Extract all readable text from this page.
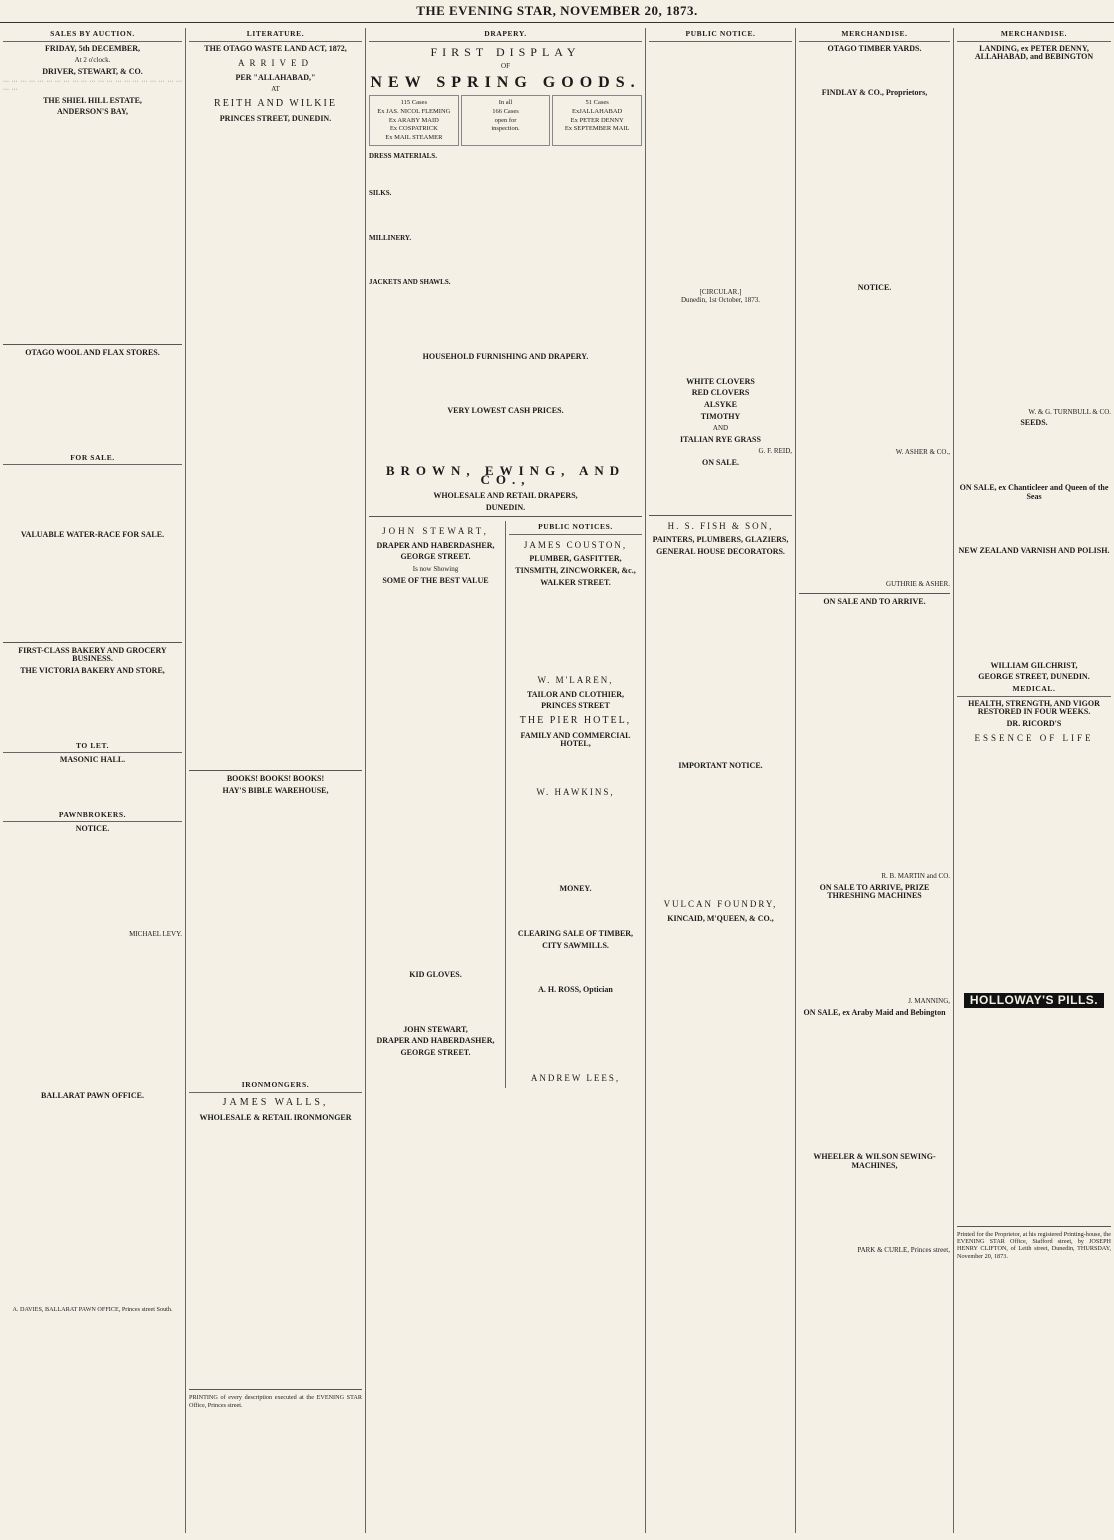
THE EVENING STAR, NOVEMBER 20, 1873.
SALES BY AUCTION.
FRIDAY, 5th DECEMBER,
At 2 o'clock.
DRIVER, STEWART, & CO.

··· ··· ··· ··· ··· ··· ··· ··· ··· ··· ··· ··· ··· ··· ··· ··· ··· ··· ··· ··· ··· ··· ···

THE SHIEL HILL ESTATE,
ANDERSON'S BAY,

OTAGO WOOL AND FLAX STORES.

FOR SALE.

VALUABLE WATER-RACE FOR SALE.

FIRST-CLASS BAKERY AND GROCERY BUSINESS.
THE VICTORIA BAKERY AND STORE,

TO LET.
MASONIC HALL.

PAWNBROKERS.
NOTICE.

MICHAEL LEVY.

BALLARAT PAWN OFFICE.

A. DAVIES, BALLARAT PAWN OFFICE, Princes street South.
LITERATURE.
THE OTAGO WASTE LAND ACT, 1872,
ARRIVED
PER "ALLAHABAD,"
AT
REITH AND WILKIE
PRINCES STREET, DUNEDIN.

BOOKS! BOOKS! BOOKS!
HAY'S BIBLE WAREHOUSE,

IRONMONGERS.
JAMES WALLS,
WHOLESALE & RETAIL IRONMONGER

PRINTING of every description executed at the EVENING STAR Office, Princes street.

DRAPERY.
FIRST DISPLAY
OF
NEW SPRING GOODS.
115 Cases
Ex JAS. NICOL FLEMING
Ex ARABY MAID
Ex COSPATRICK
Ex MAIL STEAMER
In all
166 Cases
open for
inspection.
51 Cases
ExJALLAHABAD
Ex PETER DENNY
Ex SEPTEMBER MAIL

DRESS MATERIALS.

SILKS.

MILLINERY.

JACKETS AND SHAWLS.

HOUSEHOLD FURNISHING AND DRAPERY.

VERY LOWEST CASH PRICES.

BROWN, EWING, AND CO.,
WHOLESALE AND RETAIL DRAPERS,
DUNEDIN.
JOHN STEWART,
DRAPER AND HABERDASHER,
GEORGE STREET.
Is now Showing
SOME OF THE BEST VALUE

KID GLOVES.

JOHN STEWART,
DRAPER AND HABERDASHER,
GEORGE STREET.
PUBLIC NOTICES.
JAMES COUSTON,
PLUMBER, GASFITTER,
TINSMITH, ZINCWORKER, &c.,
WALKER STREET.

W. M'LAREN,
TAILOR AND CLOTHIER,
PRINCES STREET
THE PIER HOTEL,
FAMILY AND COMMERCIAL HOTEL,

W. HAWKINS,

MONEY.

CLEARING SALE OF TIMBER,
CITY SAWMILLS.

A. H. ROSS, Optician

ANDREW LEES,
PUBLIC NOTICE.

[CIRCULAR.]
Dunedin, 1st October, 1873.

WHITE CLOVERS
RED CLOVERS
ALSYKE
TIMOTHY
AND
ITALIAN RYE GRASS
G. F. REID,
ON SALE.

H. S. FISH & SON,
PAINTERS, PLUMBERS, GLAZIERS,
GENERAL HOUSE DECORATORS.

IMPORTANT NOTICE.

VULCAN FOUNDRY,
KINCAID, M'QUEEN, & CO.,

MERCHANDISE.
OTAGO TIMBER YARDS.

FINDLAY & CO., Proprietors,

NOTICE.

W. ASHER & CO.,

GUTHRIE & ASHER.
ON SALE AND TO ARRIVE.

R. B. MARTIN and CO.
ON SALE TO ARRIVE, PRIZE THRESHING MACHINES

J. MANNING,
ON SALE, ex Araby Maid and Bebington

WHEELER & WILSON SEWING-MACHINES,

PARK & CURLE, Princes street,
MERCHANDISE.
LANDING, ex PETER DENNY, ALLAHABAD, and BEBINGTON

W. & G. TURNBULL & CO.
SEEDS.

ON SALE, ex Chanticleer and Queen of the Seas

NEW ZEALAND VARNISH AND POLISH.

WILLIAM GILCHRIST,
GEORGE STREET, DUNEDIN.
MEDICAL.
HEALTH, STRENGTH, AND VIGOR RESTORED IN FOUR WEEKS.
DR. RICORD'S
ESSENCE OF LIFE

HOLLOWAY'S PILLS.

Printed for the Proprietor, at his registered Printing-house, the EVENING STAR Office, Stafford street, by JOSEPH HENRY CLIFTON, of Leith street, Dunedin, THURSDAY, November 20, 1873.
